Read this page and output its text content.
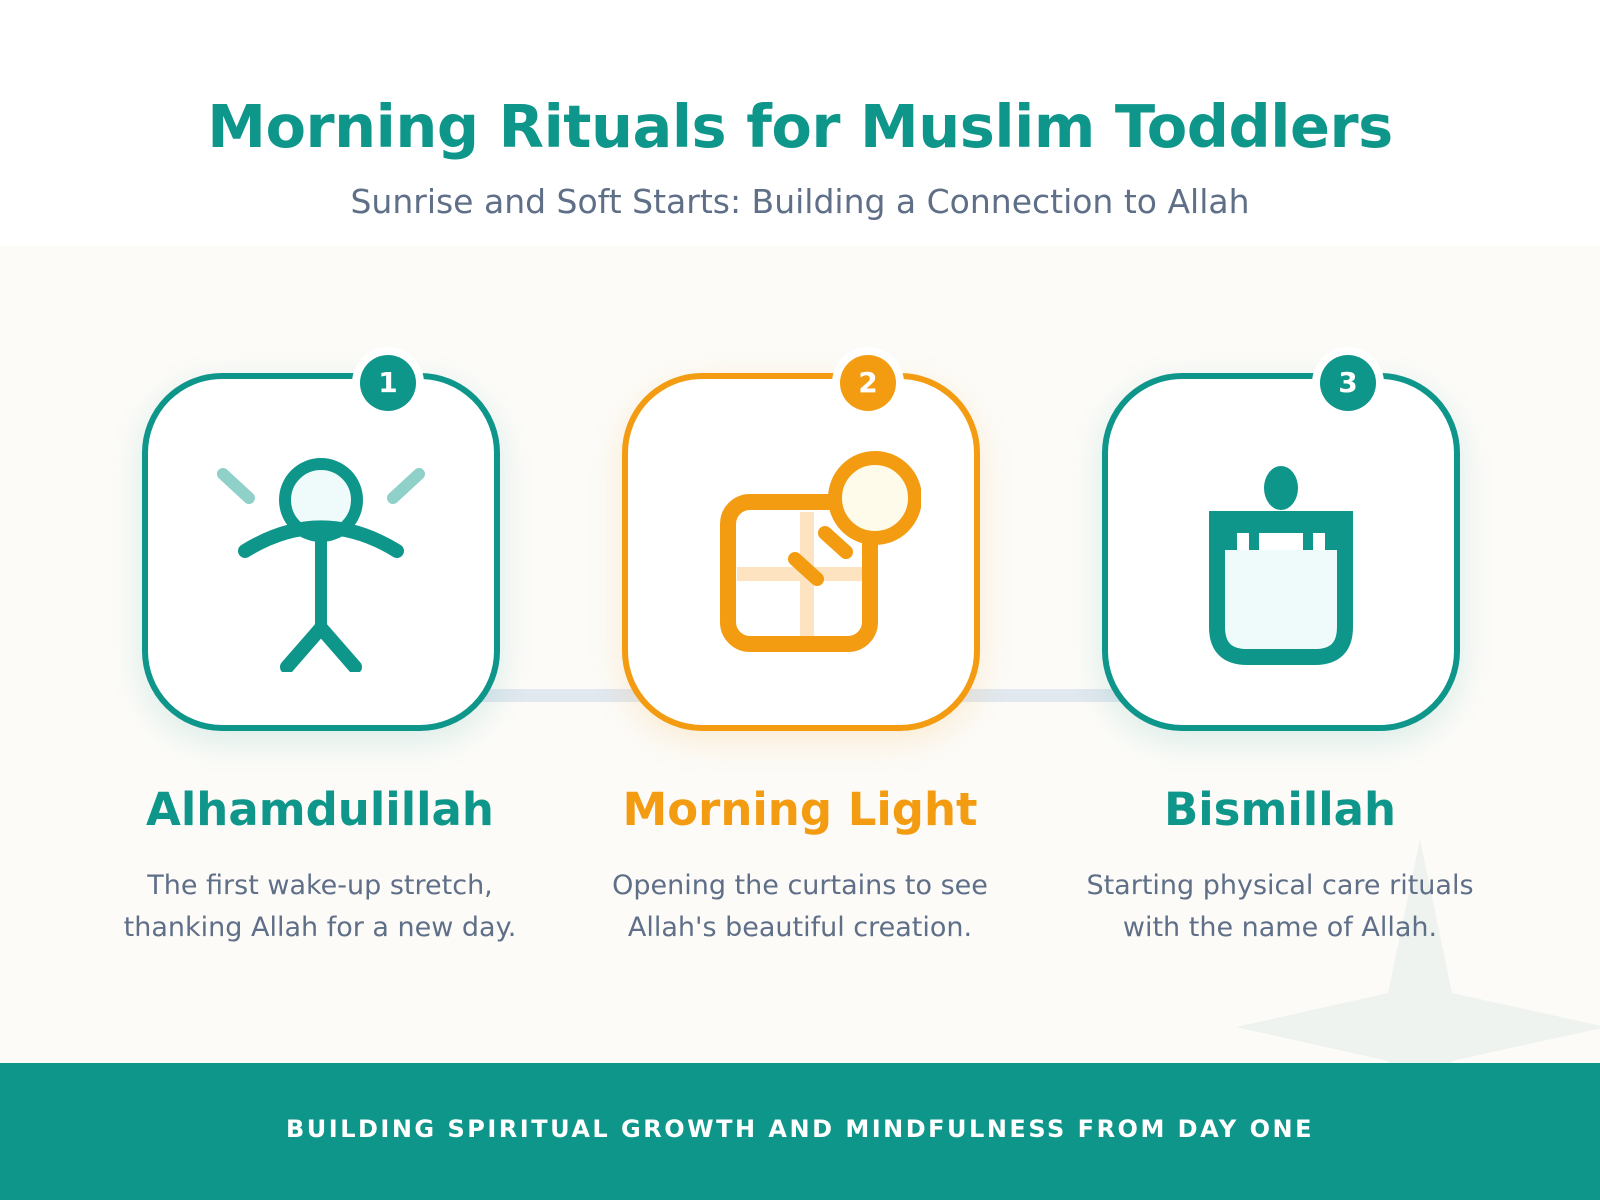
Morning Rituals for Muslim Toddlers

Sunrise and Soft Starts: Building a Connection to Allah

1
Alhamdulillah

The first wake-up stretch, thanking Allah for a new day.

2
Morning Light

Opening the curtains to see Allah's beautiful creation.

3
Bismillah

Starting physical care rituals with the name of Allah.

BUILDING SPIRITUAL GROWTH AND MINDFULNESS FROM DAY ONE
